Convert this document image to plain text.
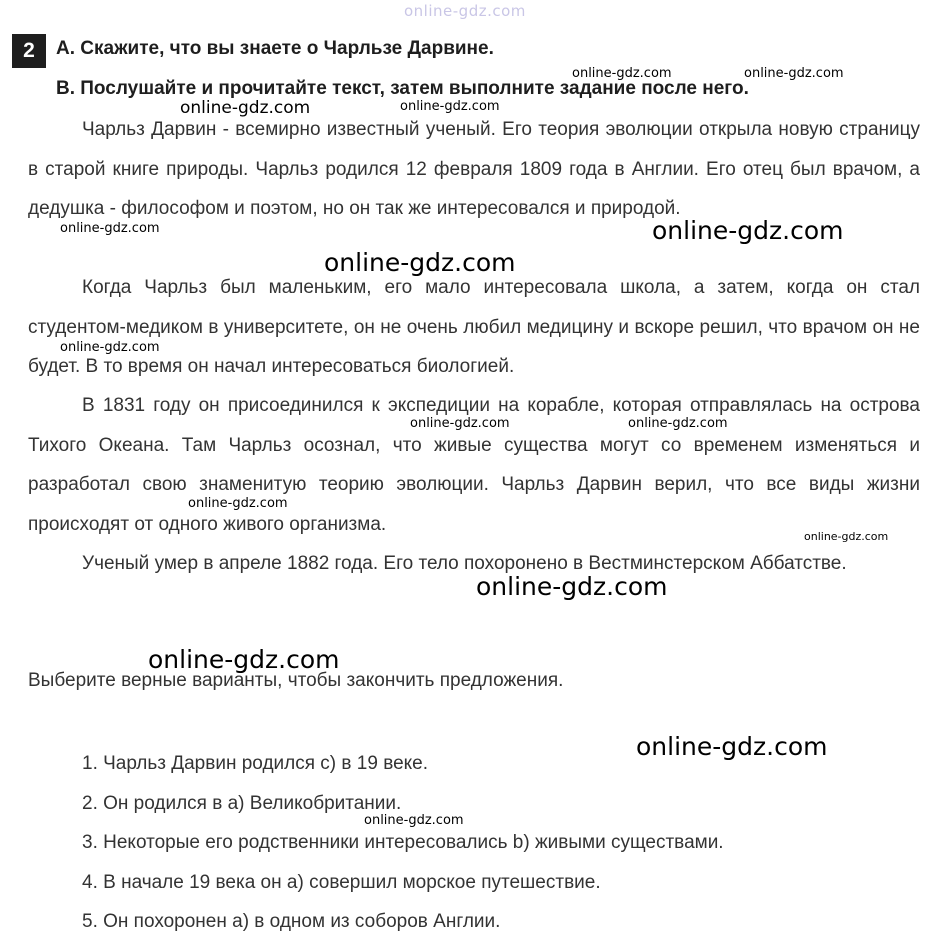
online-gdz.com
2	A. Скажите, что вы знаете о Чарльзе Дарвине.
B. Послушайте и прочитайте текст, затем выполните задание после него.

Чарльз Дарвин - всемирно известный ученый. Его теория эволюции открыла новую страницу в старой книге природы. Чарльз родился 12 февраля 1809 года в Англии. Его отец был врачом, а дедушка - философом и поэтом, но он так же интересовался и природой.

Когда Чарльз был маленьким, его мало интересовала школа, а затем, когда он стал студентом-медиком в университете, он не очень любил медицину и вскоре решил, что врачом он не будет. В то время он начал интересоваться биологией.

В 1831 году он присоединился к экспедиции на корабле, которая отправлялась на острова Тихого Океана. Там Чарльз осознал, что живые существа могут со временем изменяться и разработал свою знаменитую теорию эволюции. Чарльз Дарвин верил, что все виды жизни происходят от одного живого организма.

Ученый умер в апреле 1882 года. Его тело похоронено в Вестминстерском Аббатстве.

Выберите верные варианты, чтобы закончить предложения.
1. Чарльз Дарвин родился c) в 19 веке.
2. Он родился в a) Великобритании.
3. Некоторые его родственники интересовались b) живыми существами.
4. В начале 19 века он a) совершил морское путешествие.
5. Он похоронен a) в одном из соборов Англии.
online-gdz.com	online-gdz.com
online-gdz.com	online-gdz.com
online-gdz.com	online-gdz.com
online-gdz.com
online-gdz.com
online-gdz.com	online-gdz.com
online-gdz.com
online-gdz.com
online-gdz.com
online-gdz.com
online-gdz.com
online-gdz.com
